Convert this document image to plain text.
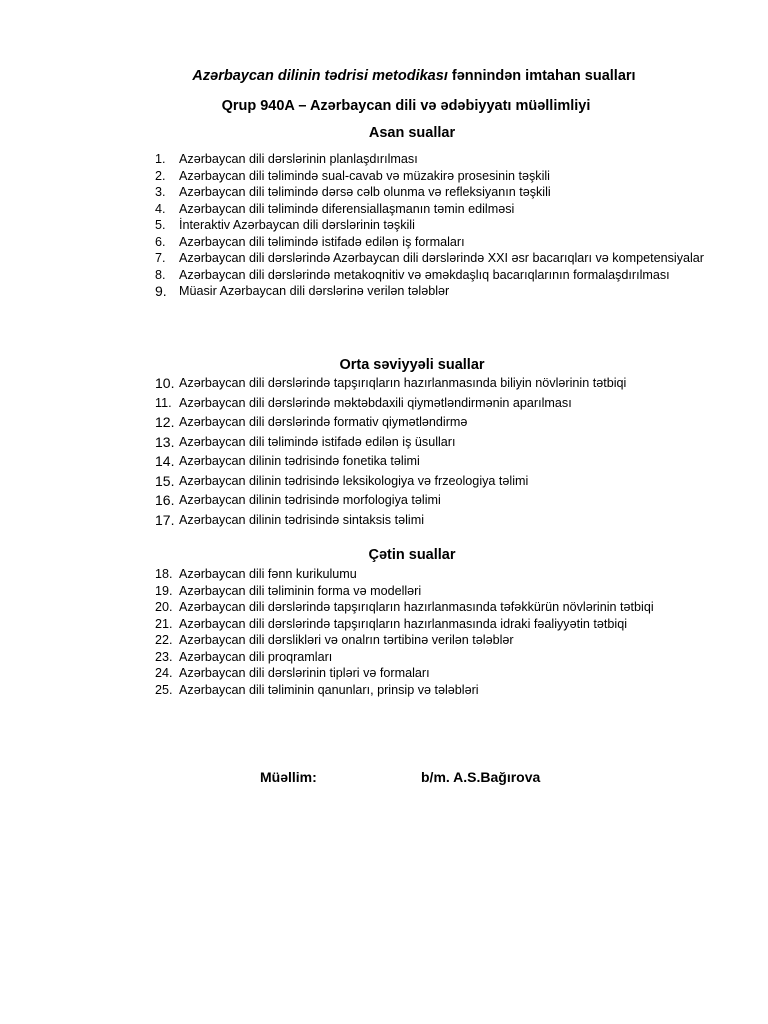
Azərbaycan dilinin tədrisi metodikası fənnindən imtahan sualları

Qrup 940A – Azərbaycan dili və ədəbiyyatı müəllimliyi

Asan suallar

1. Azərbaycan dili dərslərinin planlaşdırılması
2. Azərbaycan dili təlimində sual-cavab və müzakirə prosesinin təşkili
3. Azərbaycan dili təlimində dərsə cəlb olunma və refleksiyanın təşkili
4. Azərbaycan dili təlimində diferensiallaşmanın təmin edilməsi
5. İnteraktiv Azərbaycan dili dərslərinin təşkili
6. Azərbaycan dili təlimində istifadə edilən iş formaları
7. Azərbaycan dili dərslərində Azərbaycan dili dərslərində XXI əsr bacarıqları və kompetensiyalar
8. Azərbaycan dili dərslərində metakoqnitiv və əməkdaşlıq bacarıqlarının formalaşdırılması
9. Müasir Azərbaycan dili dərslərinə verilən tələblər

Orta səviyyəli suallar

10. Azərbaycan dili dərslərində tapşırıqların hazırlanmasında biliyin növlərinin tətbiqi
11. Azərbaycan dili dərslərində məktəbdaxili qiymətləndirmənin aparılması
12. Azərbaycan dili dərslərində formativ qiymətləndirmə
13. Azərbaycan dili təlimində istifadə edilən iş üsulları
14. Azərbaycan dilinin tədrisində fonetika təlimi
15. Azərbaycan dilinin tədrisində leksikologiya və frzeologiya təlimi
16. Azərbaycan dilinin tədrisində morfologiya təlimi
17. Azərbaycan dilinin tədrisində sintaksis təlimi

Çətin suallar

18. Azərbaycan dili fənn kurikulumu
19. Azərbaycan dili təliminin forma və modelləri
20. Azərbaycan dili dərslərində tapşırıqların hazırlanmasında təfəkkürün növlərinin tətbiqi
21. Azərbaycan dili dərslərində tapşırıqların hazırlanmasında idraki fəaliyyətin tətbiqi
22. Azərbaycan dili dərslikləri və onalrın tərtibinə verilən tələblər
23. Azərbaycan dili proqramları
24. Azərbaycan dili dərslərinin tipləri və formaları
25. Azərbaycan dili təliminin qanunları, prinsip və tələbləri

Müəllim:	b/m. A.S.Bağırova
